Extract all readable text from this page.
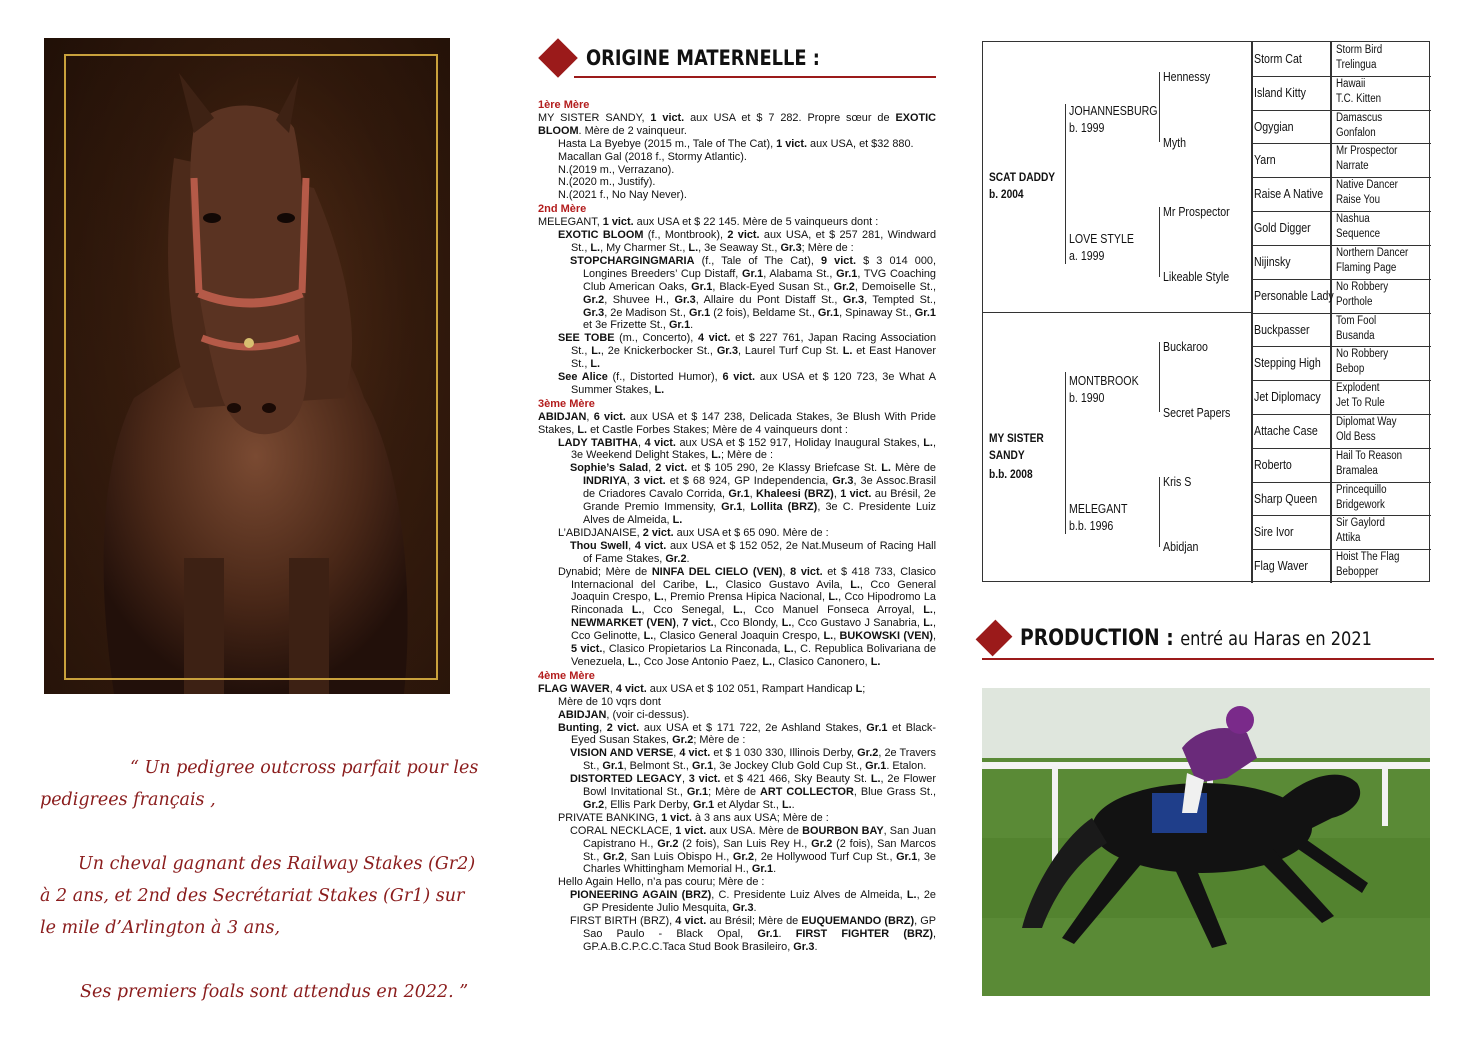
“ Un pedigree outcross parfait pour les pedigrees français ,

Un cheval gagnant des Railway Stakes (Gr2) à 2 ans, et 2nd des Secrétariat Stakes (Gr1) sur le mile d’Arlington à 3 ans,

Ses premiers foals sont attendus en 2022. ”

ORIGINE MATERNELLE :
1ère Mère
MY SISTER SANDY, 1 vict. aux USA et $ 7 282. Propre sœur de EXOTIC BLOOM. Mère de 2 vainqueur.
Hasta La Byebye (2015 m., Tale of The Cat), 1 vict. aux USA, et $32 880.
Macallan Gal (2018 f., Stormy Atlantic).
N.(2019 m., Verrazano).
N.(2020 m., Justify).
N.(2021 f., No Nay Never).
2nd Mère
MELEGANT, 1 vict. aux USA et $ 22 145. Mère de 5 vainqueurs dont :
EXOTIC BLOOM (f., Montbrook), 2 vict. aux USA, et $ 257 281, Windward St., L., My Charmer St., L., 3e Seaway St., Gr.3; Mère de :
STOPCHARGINGMARIA (f., Tale of The Cat), 9 vict. $ 3 014 000, Longines Breeders’ Cup Distaff, Gr.1, Alabama St., Gr.1, TVG Coaching Club American Oaks, Gr.1, Black-Eyed Susan St., Gr.2, Demoiselle St., Gr.2, Shuvee H., Gr.3, Allaire du Pont Distaff St., Gr.3, Tempted St., Gr.3, 2e Madison St., Gr.1 (2 fois), Beldame St., Gr.1, Spinaway St., Gr.1 et 3e Frizette St., Gr.1.
SEE TOBE (m., Concerto), 4 vict. et $ 227 761, Japan Racing Association St., L., 2e Knickerbocker St., Gr.3, Laurel Turf Cup St. L. et East Hanover St., L.
See Alice (f., Distorted Humor), 6 vict. aux USA et $ 120 723, 3e What A Summer Stakes, L.
3ème Mère
ABIDJAN, 6 vict. aux USA et $ 147 238, Delicada Stakes, 3e Blush With Pride Stakes, L. et Castle Forbes Stakes; Mère de 4 vainqueurs dont :
LADY TABITHA, 4 vict. aux USA et $ 152 917, Holiday Inaugural Stakes, L., 3e Weekend Delight Stakes, L.; Mère de :
Sophie’s Salad, 2 vict. et $ 105 290, 2e Klassy Briefcase St. L. Mère de INDRIYA, 3 vict. et $ 68 924, GP Independencia, Gr.3, 3e Assoc.Brasil de Criadores Cavalo Corrida, Gr.1, Khaleesi (BRZ), 1 vict. au Brésil, 2e Grande Premio Immensity, Gr.1, Lollita (BRZ), 3e C. Presidente Luiz Alves de Almeida, L.
L’ABIDJANAISE, 2 vict. aux USA et $ 65 090. Mère de :
Thou Swell, 4 vict. aux USA et $ 152 052, 2e Nat.Museum of Racing Hall of Fame Stakes, Gr.2.
Dynabid; Mère de NINFA DEL CIELO (VEN), 8 vict. et $ 418 733, Clasico Internacional del Caribe, L., Clasico Gustavo Avila, L., Cco General Joaquin Crespo, L., Premio Prensa Hipica Nacional, L., Cco Hipodromo La Rinconada L., Cco Senegal, L., Cco Manuel Fonseca Arroyal, L., NEWMARKET (VEN), 7 vict., Cco Blondy, L., Cco Gustavo J Sanabria, L., Cco Gelinotte, L., Clasico General Joaquin Crespo, L., BUKOWSKI (VEN), 5 vict., Clasico Propietarios La Rinconada, L., C. Republica Bolivariana de Venezuela, L., Cco Jose Antonio Paez, L., Clasico Canonero, L.
4ème Mère
FLAG WAVER, 4 vict. aux USA et $ 102 051, Rampart Handicap L;
Mère de 10 vqrs dont
ABIDJAN, (voir ci-dessus).
Bunting, 2 vict. aux USA et $ 171 722, 2e Ashland Stakes, Gr.1 et Black-Eyed Susan Stakes, Gr.2; Mère de :
VISION AND VERSE, 4 vict. et $ 1 030 330, Illinois Derby, Gr.2, 2e Travers St., Gr.1, Belmont St., Gr.1, 3e Jockey Club Gold Cup St., Gr.1. Etalon.
DISTORTED LEGACY, 3 vict. et $ 421 466, Sky Beauty St. L., 2e Flower Bowl Invitational St., Gr.1; Mère de ART COLLECTOR, Blue Grass St., Gr.2, Ellis Park Derby, Gr.1 et Alydar St., L..
PRIVATE BANKING, 1 vict. à 3 ans aux USA; Mère de :
CORAL NECKLACE, 1 vict. aux USA. Mère de BOURBON BAY, San Juan Capistrano H., Gr.2 (2 fois), San Luis Rey H., Gr.2 (2 fois), San Marcos St., Gr.2, San Luis Obispo H., Gr.2, 2e Hollywood Turf Cup St., Gr.1, 3e Charles Whittingham Memorial H., Gr.1.
Hello Again Hello, n’a pas couru; Mère de :
PIONEERING AGAIN (BRZ), C. Presidente Luiz Alves de Almeida, L., 2e GP Presidente Julio Mesquita, Gr.3.
FIRST BIRTH (BRZ), 4 vict. au Brésil; Mère de EUQUEMANDO (BRZ), GP Sao Paulo - Black Opal, Gr.1. FIRST FIGHTER (BRZ), GP.A.B.C.P.C.C.Taca Stud Book Brasileiro, Gr.3.
SCAT DADDY
b. 2004
MY SISTER SANDY
b.b. 2008
JOHANNESBURG
b. 1999
LOVE STYLE
a. 1999
MONTBROOK
b. 1990
MELEGANT
b.b. 1996
Hennessy
Myth
Mr Prospector
Likeable Style
Buckaroo
Secret Papers
Kris S
Abidjan
Storm Cat
Island Kitty
Ogygian
Yarn
Raise A Native
Gold Digger
Nijinsky
Personable Lady
Buckpasser
Stepping High
Jet Diplomacy
Attache Case
Roberto
Sharp Queen
Sire Ivor
Flag Waver
Storm Bird
Trelingua
Hawaii
T.C. Kitten
Damascus
Gonfalon
Mr Prospector
Narrate
Native Dancer
Raise You
Nashua
Sequence
Northern Dancer
Flaming Page
No Robbery
Porthole
Tom Fool
Busanda
No Robbery
Bebop
Explodent
Jet To Rule
Diplomat Way
Old Bess
Hail To Reason
Bramalea
Princequillo
Bridgework
Sir Gaylord
Attika
Hoist The Flag
Bebopper
PRODUCTION : entré au Haras en 2021
